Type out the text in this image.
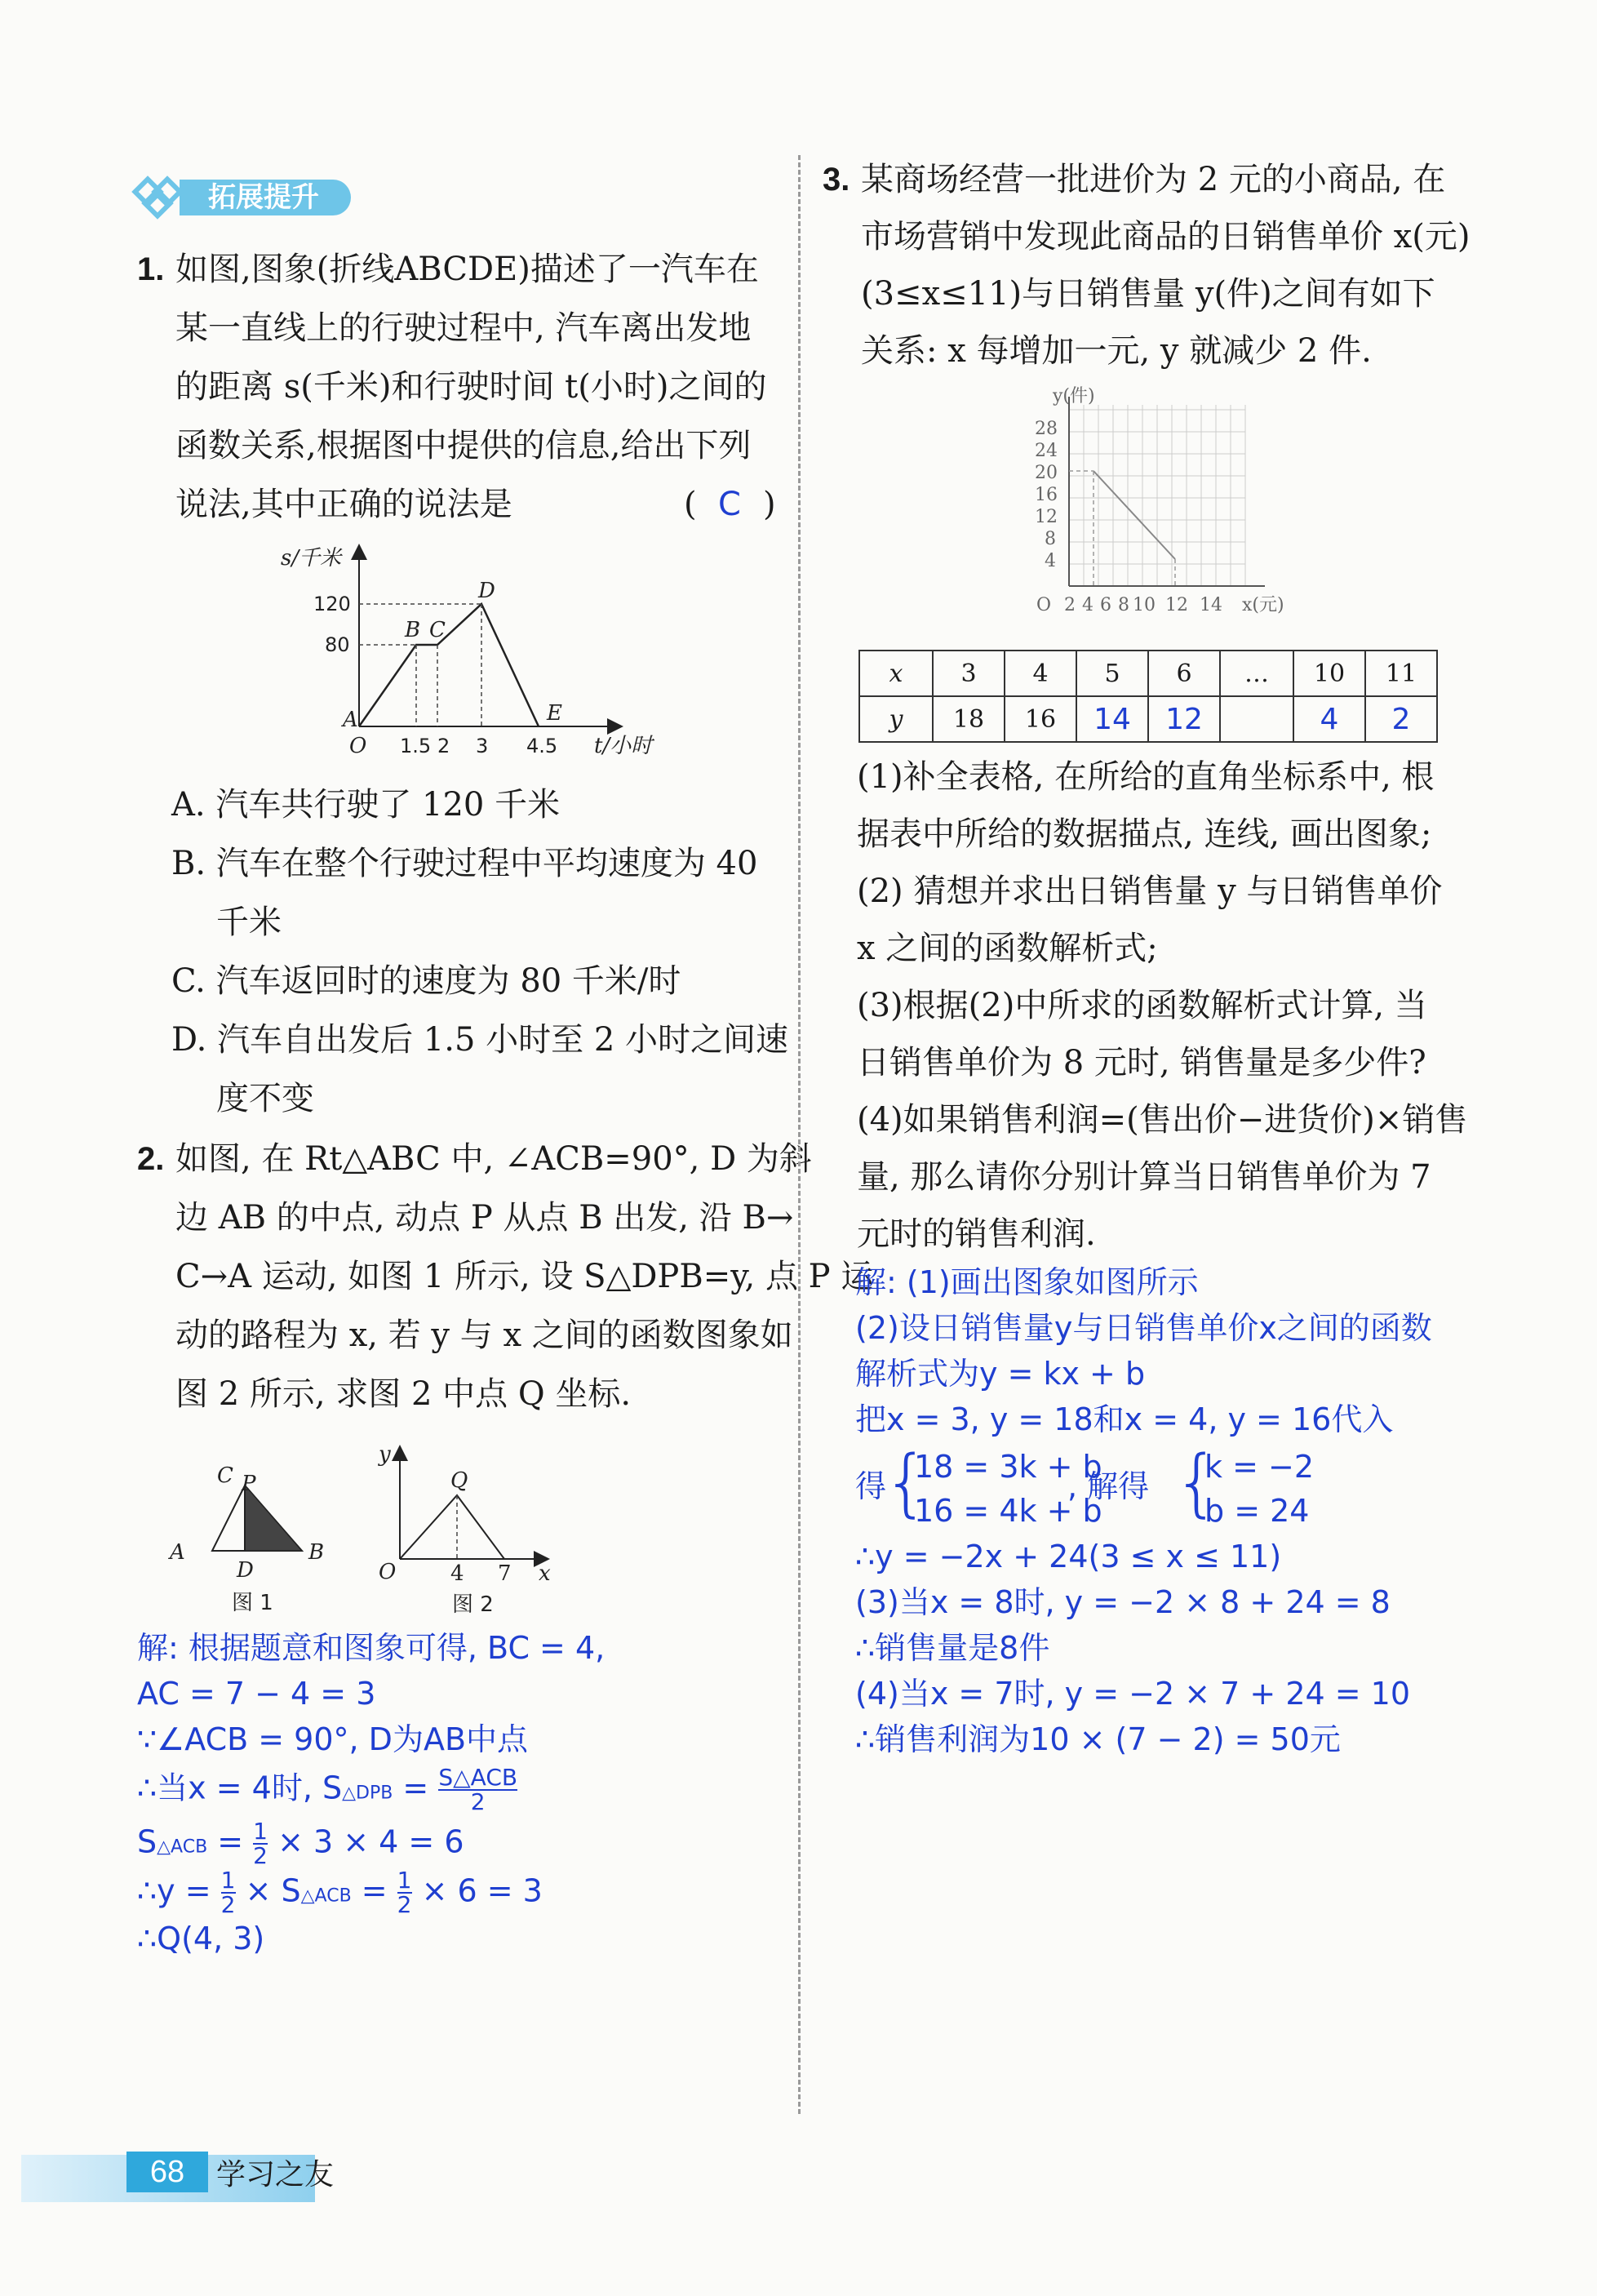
拓展提升
1. 如图,图象(折线ABCDE)描述了一汽车在
某一直线上的行驶过程中, 汽车离出发地
的距离 s(千米)和行驶时间 t(小时)之间的
函数关系,根据图中提供的信息,给出下列
说法,其中正确的说法是	( C )
s/千米
t/小时
O
A
B C
D
E
120
80
1.5 2 3 4.5
A. 汽车共行驶了 120 千米
B. 汽车在整个行驶过程中平均速度为 40
千米
C. 汽车返回时的速度为 80 千米/时
D. 汽车自出发后 1.5 小时至 2 小时之间速
度不变
2. 如图, 在 Rt△ABC 中, ∠ACB=90°, D 为斜
边 AB 的中点, 动点 P 从点 B 出发, 沿 B→
C→A 运动, 如图 1 所示, 设 S△DPB=y, 点 P 运
动的路程为 x, 若 y 与 x 之间的函数图象如
图 2 所示, 求图 2 中点 Q 坐标.
A
C P
D
B
图 1
y
Q
O	4 7 x
图 2
解: 根据题意和图象可得, BC = 4,
AC = 7 − 4 = 3
∵∠ACB = 90°, D为AB中点
∴当x = 4时, S△DPB = S△ACB
2
S△ACB = $\frac{1}{2} \times 3 \times 4 = 6$
∴y = $\frac{1}{2}$ × S△ACB = $\frac{1}{2} \times 6 = 3$
∴Q(4, 3)
3. 某商场经营一批进价为 2 元的小商品, 在
市场营销中发现此商品的日销售单价 x(元)
(3≤x≤11)与日销售量 y(件)之间有如下
关系: x 每增加一元, y 就减少 2 件.
y(件)
x(元)
O
28
24
20
16
12
8
4
2 4 6 8 10 12 14
x	3	4	5	6	…	10	11
y	18	16	14	12		4	2
(1)补全表格, 在所给的直角坐标系中, 根
据表中所给的数据描点, 连线, 画出图象;
(2) 猜想并求出日销售量 y 与日销售单价
x 之间的函数解析式;
(3)根据(2)中所求的函数解析式计算, 当
日销售单价为 8 元时, 销售量是多少件?
(4)如果销售利润=(售出价−进货价)×销售
量, 那么请你分别计算当日销售单价为 7
元时的销售利润.
解: (1)画出图象如图所示
(2)设日销售量y与日销售单价x之间的函数
解析式为y = kx + b
把x = 3, y = 18和x = 4, y = 16代入
得
{
18 = 3k + b
16 = 4k + b
, 解得 {
k = −2
b = 24
∴y = −2x + 24(3 ≤ x ≤ 11)
(3)当x = 8时, y = −2 × 8 + 24 = 8
∴销售量是8件
(4)当x = 7时, y = −2 × 7 + 24 = 10
∴销售利润为10 × (7 − 2) = 50元
68	学习之友
